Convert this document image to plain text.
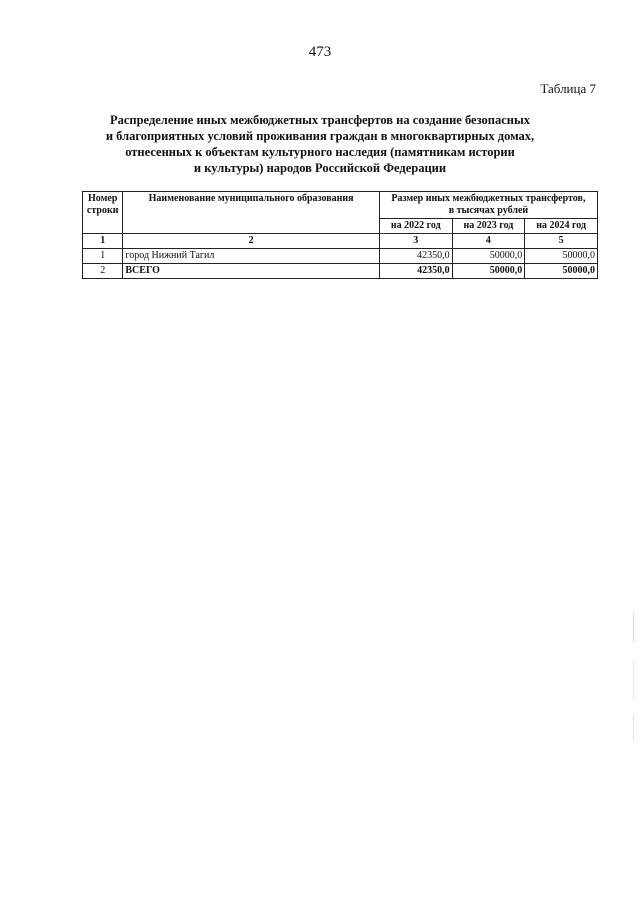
473
Таблица 7
Распределение иных межбюджетных трансфертов на создание безопасных
и благоприятных условий проживания граждан в многоквартирных домах,
отнесенных к объектам культурного наследия (памятникам истории
и культуры) народов Российской Федерации
Номер
строки	Наименование муниципального образования	Размер иных межбюджетных трансфертов,
в тысячах рублей		
		на 2022 год	на 2023 год	на 2024 год
1	2	3	4	5
1	город Нижний Тагил	42350,0	50000,0	50000,0
2	ВСЕГО	42350,0	50000,0	50000,0
